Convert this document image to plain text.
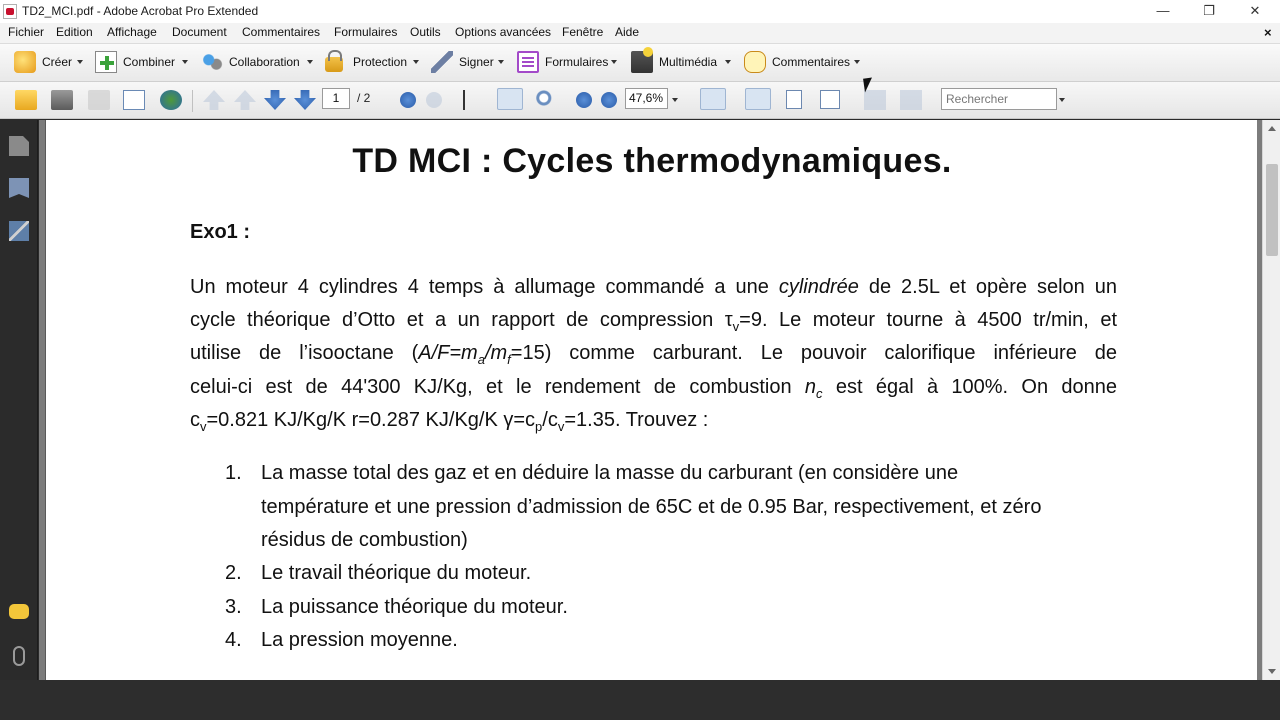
TD2_MCI.pdf - Adobe Acrobat Pro Extended	—	❐	✕
Fichier Edition Affichage Document Commentaires Formulaires Outils Options avancées Fenêtre Aide	×
Créer	Combiner	Collaboration	Protection	Signer	Formulaires	Multimédia	Commentaires
1	/ 2	47,6%	Rechercher
TD MCI : Cycles thermodynamiques.
Exo1 :
Un moteur 4 cylindres 4 temps à allumage commandé a une cylindrée de 2.5L et opère selon un
cycle théorique d’Otto et a un rapport de compression $\tau_v=9$. Le moteur tourne à 4500 tr/min, et
utilise de l’isooctane $(A/F=m_a/m_f=15)$ comme carburant. Le pouvoir calorifique inférieure de
celui-ci est de 44'300 KJ/Kg, et le rendement de combustion $n_c$ est égal à 100%. On donne
$c_v=0.821$ KJ/Kg/K r=0.287 KJ/Kg/K $\gamma=c_p/c_v=1.35$. Trouvez :
1. La masse total des gaz et en déduire la masse du carburant (en considère une
température et une pression d’admission de 65C et de 0.95 Bar, respectivement, et zéro
résidus de combustion)
2. Le travail théorique du moteur.
3. La puissance théorique du moteur.
4. La pression moyenne.
